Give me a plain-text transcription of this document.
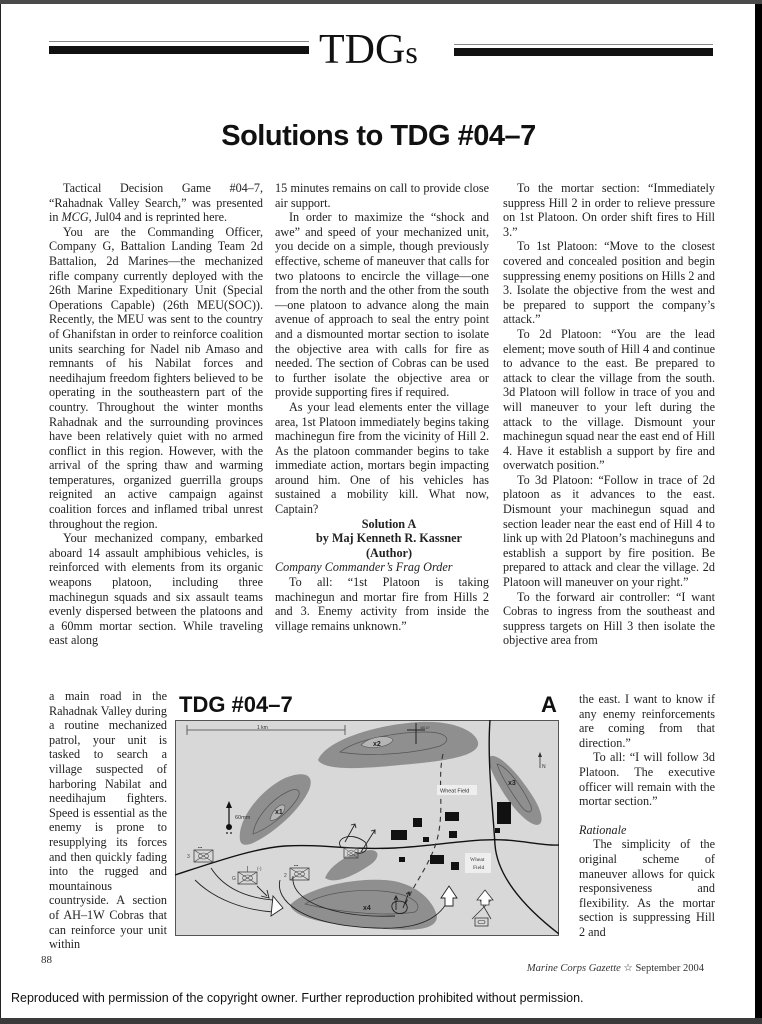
TDGs
Solutions to TDG #04–7

Tactical Decision Game #04–7, “Rahadnak Valley Search,” was presented in MCG, Jul04 and is reprinted here.

You are the Commanding Officer, Company G, Battalion Landing Team 2d Battalion, 2d Marines—the mechanized rifle company currently deployed with the 26th Marine Expeditionary Unit (Special Operations Capable) (26th MEU(SOC)). Recently, the MEU was sent to the country of Ghanifstan in order to reinforce coalition units searching for Nadel nib Amaso and remnants of his Nabilat forces and needihajum freedom fighters believed to be operating in the southeastern part of the country. Throughout the winter months Rahadnak and the surrounding provinces have been relatively quiet with no armed conflict in this region. However, with the arrival of the spring thaw and warming temperatures, organized guerrilla groups reignited an active campaign against coalition forces and inflamed tribal unrest throughout the region.

Your mechanized company, embarked aboard 14 assault amphibious vehicles, is reinforced with elements from its organic weapons platoon, including three machinegun squads and six assault teams evenly dispersed between the platoons and a 60mm mortar section. While traveling east along

a main road in the Rahadnak Valley during a routine mechanized patrol, your unit is tasked to search a village suspected of harboring Nabilat and needihajum fighters. Speed is essential as the enemy is prone to resupplying its forces and then quickly fading into the rugged and mountainous countryside. A section of AH–1W Cobras that can reinforce your unit within

15 minutes remains on call to provide close air support.

In order to maximize the “shock and awe” and speed of your mechanized unit, you decide on a simple, though previously effective, scheme of maneuver that calls for two platoons to encircle the village—one from the north and the other from the south—one platoon to advance along the main avenue of approach to seal the entry point and a dismounted mortar section to isolate the objective area with calls for fire as needed. The section of Cobras can be used to further isolate the objective area or provide supporting fires if required.

As your lead elements enter the village area, 1st Platoon immediately begins taking machinegun fire from the vicinity of Hill 2. As the platoon commander begins to take immediate action, mortars begin impacting around him. One of his vehicles has sustained a mobility kill. What now, Captain?

Solution A

by Maj Kenneth R. Kassner

(Author)

Company Commander’s Frag Order

To all: “1st Platoon is taking machinegun and mortar fire from Hills 2 and 3. Enemy activity from inside the village remains unknown.”

To the mortar section: “Immediately suppress Hill 2 in order to relieve pressure on 1st Platoon. On order shift fires to Hill 3.”

To 1st Platoon: “Move to the closest covered and concealed position and begin suppressing enemy positions on Hills 2 and 3. Isolate the objective from the west and be prepared to support the company’s attack.”

To 2d Platoon: “You are the lead element; move south of Hill 4 and continue to advance to the east. Be prepared to attack to clear the village from the south. 3d Platoon will follow in trace of you and will maneuver to your left during the attack to the village. Dismount your machinegun squad near the east end of Hill 4. Have it establish a support by fire and overwatch position.”

To 3d Platoon: “Follow in trace of 2d platoon as it advances to the east. Dismount your machinegun squad and section leader near the east end of Hill 4 to link up with 2d Platoon’s machineguns and establish a support by fire position. Be prepared to attack and clear the village. 2d Platoon will maneuver on your right.”

To the forward air controller: “I want Cobras to ingress from the southeast and suppress targets on Hill 3 then isolate the objective area from

the east. I want to know if any enemy reinforcements are coming from that direction.”

To all: “I will follow 3d Platoon. The executive officer will remain with the mortar section.”

Rationale

The simplicity of the original scheme of maneuver allows for quick responsiveness and flexibility. As the mortar section is suppressing Hill 2 and

TDG #04–7	A
1 km
x2
4810?
x1
x3
x4
Wheat Field
Wheat
Field
N
60mm
3
•••
G
(-)
2
•••
88
Marine Corps Gazette ☆ September 2004
Reproduced with permission of the copyright owner. Further reproduction prohibited without permission.
